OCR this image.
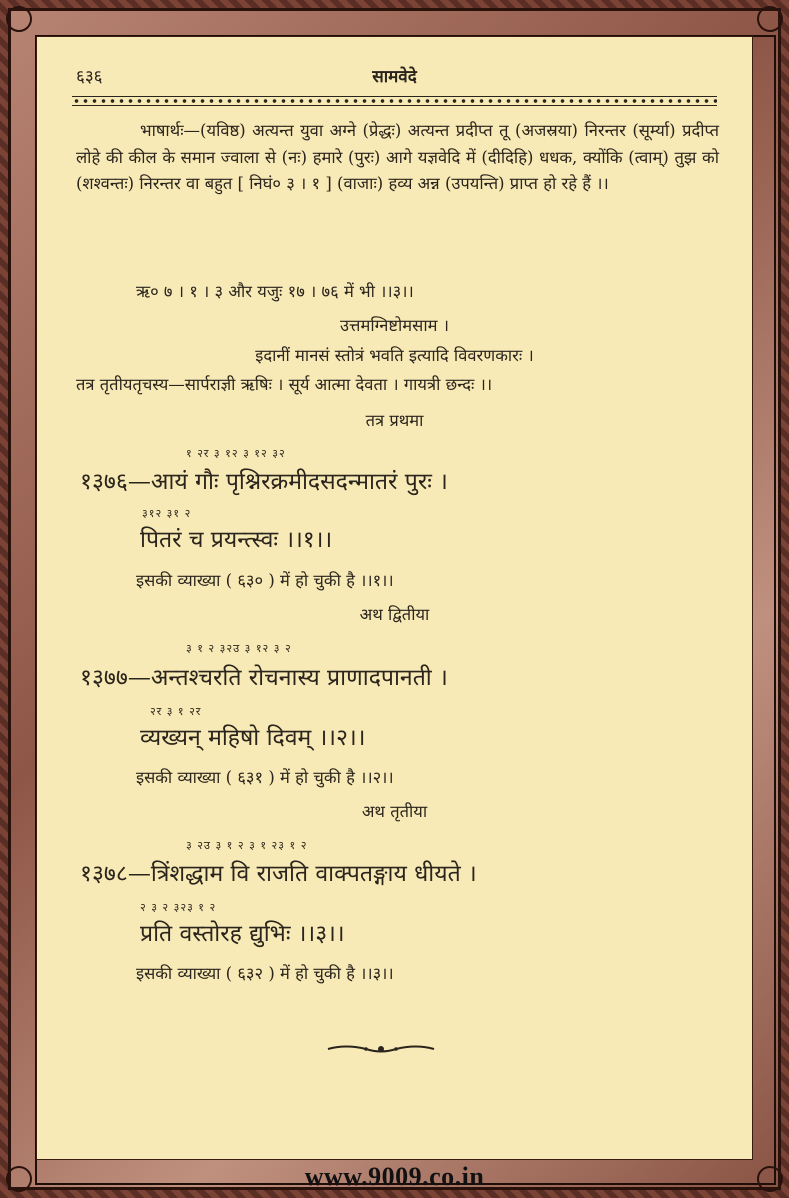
६३६	सामवेदे
भाषार्थः—(यविष्ठ) अत्यन्त युवा अग्ने (प्रेद्धः) अत्यन्त प्रदीप्त तू (अजस्रया) निरन्तर (सूर्म्या) प्रदीप्त लोहे की कील के समान ज्वाला से (नः) हमारे (पुरः) आगे यज्ञवेदि में (दीदिहि) धधक, क्योंकि (त्वाम्) तुझ को (शश्वन्तः) निरन्तर वा बहुत [ निघं० ३ । १ ] (वाजाः) हव्य अन्न (उपयन्ति) प्राप्त हो रहे हैं ।।
ऋ० ७ । १ । ३ और यजुः १७ । ७६ में भी ।।३।।
उत्तमग्निष्टोमसाम ।
इदानीं मानसं स्तोत्रं भवति इत्यादि विवरणकारः ।
तत्र तृतीयतृचस्य—सार्पराज्ञी ऋषिः । सूर्य आत्मा देवता । गायत्री छन्दः ।।
तत्र प्रथमा
१ २र ३ १२ ३ १२ ३२
१३७६—आयं गौः पृश्निरक्रमीदसदन्मातरं पुरः ।
३१२ ३१ २
पितरं च प्रयन्त्स्वः ।।१।।
इसकी व्याख्या ( ६३० ) में हो चुकी है ।।१।।
अथ द्वितीया
३ १ २ ३२उ ३ १२ ३ २
१३७७—अन्तश्चरति रोचनास्य प्राणादपानती ।
२र ३ १ २र
व्यख्यन् महिषो दिवम् ।।२।।
इसकी व्याख्या ( ६३१ ) में हो चुकी है ।।२।।
अथ तृतीया
३ २उ ३ १ २ ३ १ २३ १ २
१३७८—त्रिंशद्धाम वि राजति वाक्पतङ्गाय धीयते ।
२ ३ २ ३२३ १ २
प्रति वस्तोरह द्युभिः ।।३।।
इसकी व्याख्या ( ६३२ ) में हो चुकी है ।।३।।
www.9009.co.in
